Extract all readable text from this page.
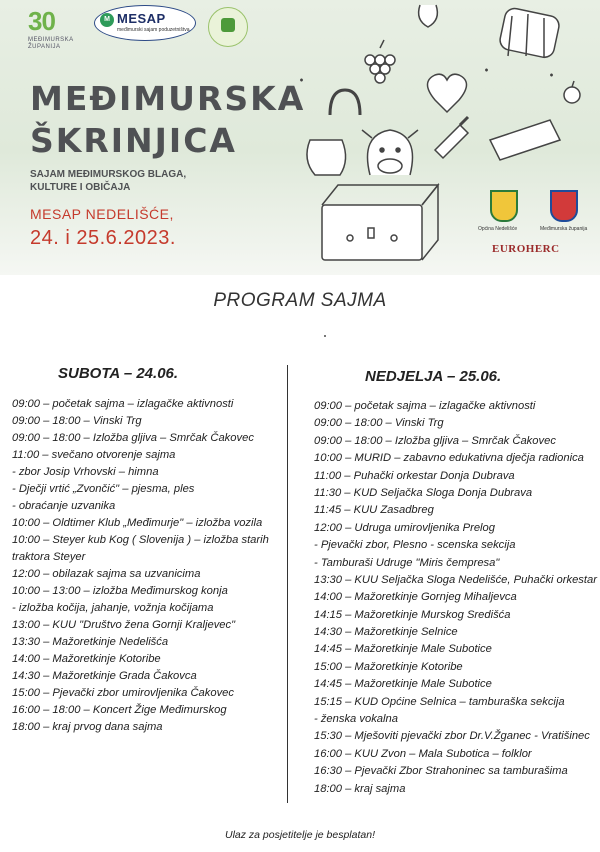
30
MEĐIMURSKA
ŽUPANIJA
M MESAP
međimurski sajam poduzetništva
MEĐIMURSKA
ŠKRINJICA
SAJAM MEĐIMURSKOG BLAGA,
KULTURE I OBIČAJA
MESAP NEDELIŠĆE,
24. i 25.6.2023.	Općina Nedelišće	Međimurska županija
EUROHERC
PROGRAM SAJMA
SUBOTA – 24.06.	NEDJELJA – 25.06.
09:00 – početak sajma – izlagačke aktivnosti
09:00 – 18:00 – Vinski Trg
09:00 – 18:00 – Izložba gljiva – Smrčak Čakovec
11:00 – svečano otvorenje sajma
- zbor Josip Vrhovski – himna
- Dječji vrtić „Zvončić" – pjesma, ples
- obraćanje uzvanika
10:00 – Oldtimer Klub „Međimurje" – izložba vozila
10:00 – Steyer kub Kog ( Slovenija ) – izložba starih
traktora Steyer
12:00 – obilazak sajma sa uzvanicima
10:00 – 13:00 – izložba Međimurskog konja
- izložba kočija, jahanje, vožnja kočijama
13:00 – KUU "Društvo žena Gornji Kraljevec"
13:30 – Mažoretkinje Nedelišća
14:00 – Mažoretkinje Kotoribe
14:30 – Mažoretkinje Grada Čakovca
15:00 – Pjevački zbor umirovljenika Čakovec
16:00 – 18:00 – Koncert Žige Međimurskog
18:00 – kraj prvog dana sajma
09:00 – početak sajma – izlagačke aktivnosti
09:00 – 18:00 – Vinski Trg
09:00 – 18:00 – Izložba gljiva – Smrčak Čakovec
10:00 – MURID – zabavno edukativna dječja radionica
11:00 – Puhački orkestar Donja Dubrava
11:30 – KUD Seljačka Sloga Donja Dubrava
11:45 – KUU Zasadbreg
12:00 – Udruga umirovljenika Prelog
- Pjevački zbor, Plesno - scenska sekcija
- Tamburaši Udruge "Miris čempresa"
13:30 – KUU Seljačka Sloga Nedelišće, Puhački orkestar
14:00 – Mažoretkinje Gornjeg Mihaljevca
14:15 – Mažoretkinje Murskog Središća
14:30 – Mažoretkinje Selnice
14:45 – Mažoretkinje Male Subotice
15:00 – Mažoretkinje Kotoribe
14:45 – Mažoretkinje Male Subotice
15:15 – KUD Općine Selnica – tamburaška sekcija
- ženska vokalna
15:30 – Mješoviti pjevački zbor Dr.V.Žganec - Vratišinec
16:00 – KUU Zvon – Mala Subotica – folklor
16:30 – Pjevački Zbor Strahoninec sa tamburašima
18:00 – kraj sajma
Ulaz za posjetitelje je besplatan!
